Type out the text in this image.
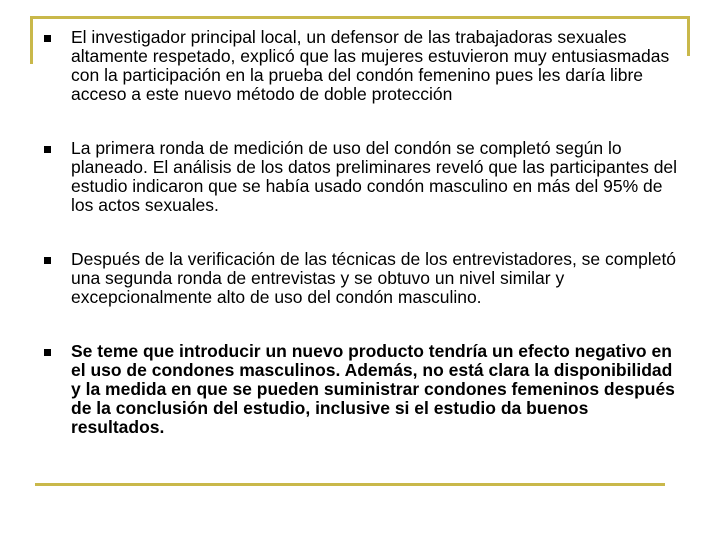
El investigador principal local, un defensor de las trabajadoras sexuales altamente respetado, explicó que las mujeres estuvieron muy entusiasmadas con la participación en la prueba del condón femenino pues les daría libre acceso a este nuevo método de doble protección
La primera ronda de medición de uso del condón se completó según lo planeado. El análisis de los datos preliminares reveló que las participantes del estudio indicaron que se había usado condón masculino en más del 95% de los actos sexuales.
Después de la verificación de las técnicas de los entrevistadores, se completó una segunda ronda de entrevistas y se obtuvo un nivel similar y excepcionalmente alto de uso del condón masculino.
Se teme que introducir un nuevo producto tendría un efecto negativo en el uso de condones masculinos. Además, no está clara la disponibilidad y la medida en que se pueden suministrar condones femeninos después de la conclusión del estudio, inclusive si el estudio da buenos resultados.
